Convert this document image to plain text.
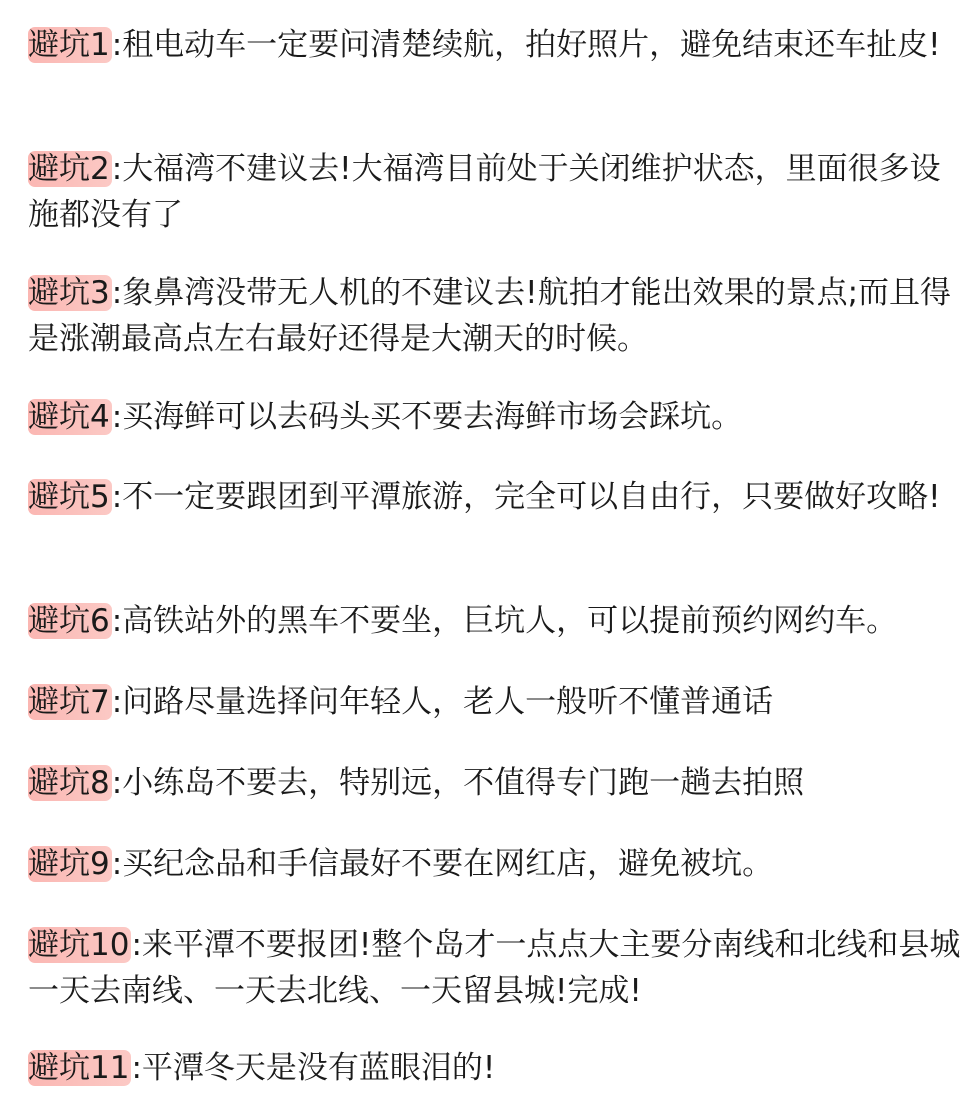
避坑1:租电动车一定要问清楚续航，拍好照片，避免结束还车扯皮!

避坑2:大福湾不建议去!大福湾目前处于关闭维护状态，里面很多设施都没有了

避坑3:象鼻湾没带无人机的不建议去!航拍才能出效果的景点;而且得是涨潮最高点左右最好还得是大潮天的时候。

避坑4:买海鲜可以去码头买不要去海鲜市场会踩坑。

避坑5:不一定要跟团到平潭旅游，完全可以自由行，只要做好攻略!

避坑6:高铁站外的黑车不要坐，巨坑人，可以提前预约网约车。

避坑7:问路尽量选择问年轻人，老人一般听不懂普通话

避坑8:小练岛不要去，特别远，不值得专门跑一趟去拍照

避坑9:买纪念品和手信最好不要在网红店，避免被坑。

避坑10:来平潭不要报团!整个岛才一点点大主要分南线和北线和县城一天去南线、一天去北线、一天留县城!完成!

避坑11:平潭冬天是没有蓝眼泪的!
